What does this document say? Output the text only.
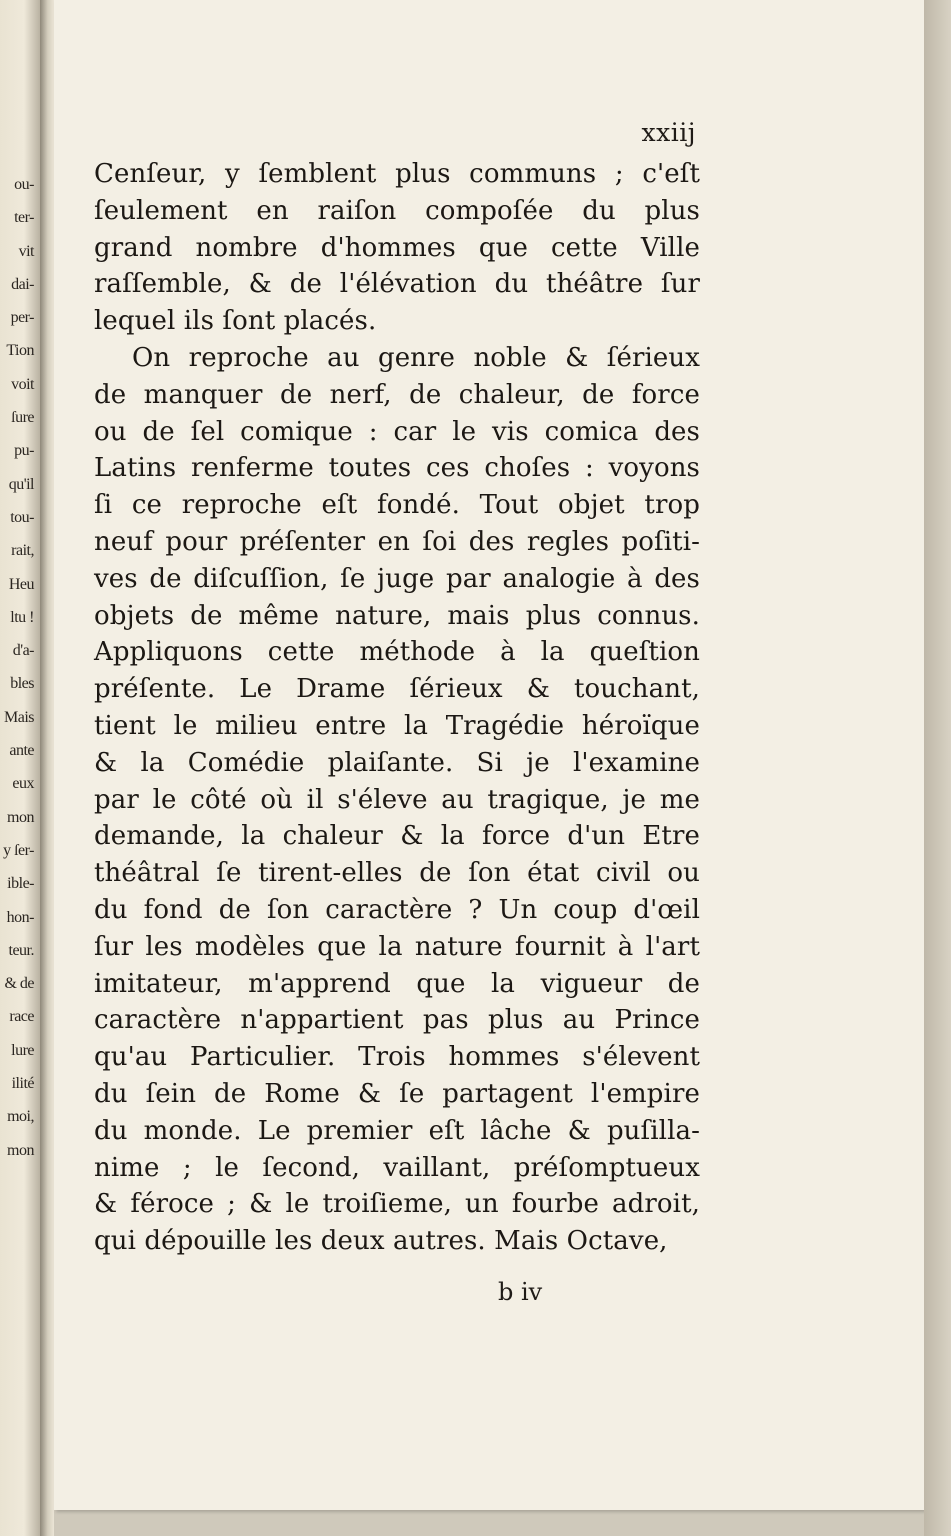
ou-
ter-
vit
dai-
per-
Tion
voit
ſure
pu-
qu'il
tou-
rait,
Heu
ltu !
d'a-
bles
Mais
ante
eux
mon
y ſer-
ible-
hon-
teur.
& de
race
lure
ilité
moi,
mon
xxiij
Cenſeur, y ſemblent plus communs ; c'eſt
ſeulement en raiſon compoſée du plus
grand nombre d'hommes que cette Ville
raſſemble, & de l'élévation du théâtre ſur
lequel ils ſont placés.
On reproche au genre noble & ſérieux
de manquer de nerf, de chaleur, de force
ou de ſel comique : car le vis comica des
Latins renferme toutes ces choſes : voyons
ſi ce reproche eſt fondé. Tout objet trop
neuf pour préſenter en ſoi des regles poſiti-
ves de diſcuſſion, ſe juge par analogie à des
objets de même nature, mais plus connus.
Appliquons cette méthode à la queſtion
préſente. Le Drame ſérieux & touchant,
tient le milieu entre la Tragédie héroïque
& la Comédie plaiſante. Si je l'examine
par le côté où il s'éleve au tragique, je me
demande, la chaleur & la force d'un Etre
théâtral ſe tirent-elles de ſon état civil ou
du fond de ſon caractère ? Un coup d'œil
ſur les modèles que la nature fournit à l'art
imitateur, m'apprend que la vigueur de
caractère n'appartient pas plus au Prince
qu'au Particulier. Trois hommes s'élevent
du ſein de Rome & ſe partagent l'empire
du monde. Le premier eſt lâche & puſilla-
nime ; le ſecond, vaillant, préſomptueux
& féroce ; & le troiſieme, un fourbe adroit,
qui dépouille les deux autres. Mais Octave,
b iv
